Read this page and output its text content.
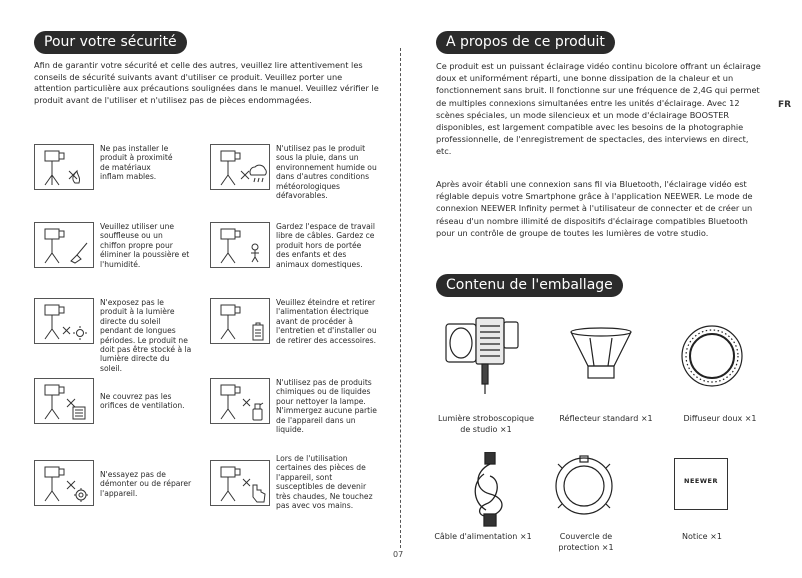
Pour votre sécurité
Afin de garantir votre sécurité et celle des autres, veuillez lire attentivement les conseils de sécurité suivants avant d'utiliser ce produit. Veuillez porter une attention particulière aux précautions soulignées dans le manuel. Veuillez vérifier le produit avant de l'utiliser et n'utilisez pas de pièces endommagées.
Ne pas installer le produit à proximité de matériaux inflam mables.
N'utilisez pas le produit sous la pluie, dans un environnement humide ou dans d'autres conditions météorologiques défavorables.
Veuillez utiliser une souffleuse ou un chiffon propre pour éliminer la poussière et l'humidité.
Gardez l'espace de travail libre de câbles. Gardez ce produit hors de portée des enfants et des animaux domestiques.
N'exposez pas le produit à la lumière directe du soleil pendant de longues périodes. Le produit ne doit pas être stocké à la lumière directe du soleil.
Veuillez éteindre et retirer l'alimentation électrique avant de procéder à l'entretien et d'installer ou de retirer des accessoires.
Ne couvrez pas les orifices de ventilation.
N'utilisez pas de produits chimiques ou de liquides pour nettoyer la lampe. N'immergez aucune partie de l'appareil dans un liquide.
N'essayez pas de démonter ou de réparer l'appareil.
Lors de l'utilisation certaines des pièces de l'appareil, sont susceptibles de devenir très chaudes, Ne touchez pas avec vos mains.
07
FR
A propos de ce produit
Ce produit est un puissant éclairage vidéo continu bicolore offrant un éclairage doux et uniformément réparti, une bonne dissipation de la chaleur et un fonctionnement sans bruit. Il fonctionne sur une fréquence de 2,4G qui permet de multiples connexions simultanées entre les unités d'éclairage. Avec 12 scènes spéciales, un mode silencieux et un mode d'éclairage BOOSTER disponibles, est largement compatible avec les besoins de la photographie professionnelle, de l'enregistrement de spectacles, des interviews en direct, etc.
Après avoir établi une connexion sans fil via Bluetooth, l'éclairage vidéo est réglable depuis votre Smartphone grâce à l'application NEEWER. Le mode de connexion NEEWER Infinity permet à l'utilisateur de connecter et de créer un réseau d'un nombre illimité de dispositifs d'éclairage compatibles Bluetooth pour un contrôle de groupe de toutes les lumières de votre studio.
Contenu de l'emballage
Lumière stroboscopique de studio ×1
Réflecteur standard ×1	Diffuseur doux ×1
Câble d'alimentation ×1	Couvercle de protection ×1
NEEWER
Notice ×1
